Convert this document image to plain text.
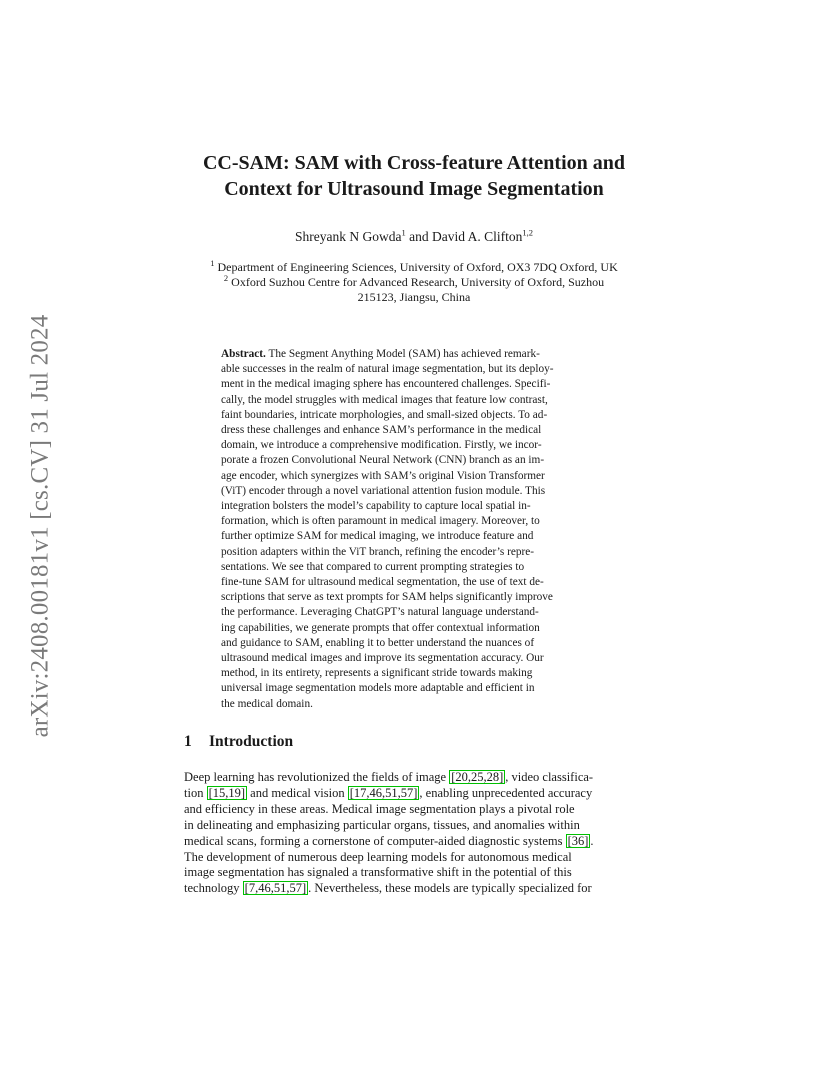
arXiv:2408.00181v1 [cs.CV] 31 Jul 2024
CC-SAM: SAM with Cross-feature Attention and
Context for Ultrasound Image Segmentation
Shreyank N Gowda$^1$ and David A. Clifton$^{1,2}$
$^1$ Department of Engineering Sciences, University of Oxford, OX3 7DQ Oxford, UK
$^2$ Oxford Suzhou Centre for Advanced Research, University of Oxford, Suzhou
215123, Jiangsu, China
Abstract. The Segment Anything Model (SAM) has achieved remark-
able successes in the realm of natural image segmentation, but its deploy-
ment in the medical imaging sphere has encountered challenges. Specifi-
cally, the model struggles with medical images that feature low contrast,
faint boundaries, intricate morphologies, and small-sized objects. To ad-
dress these challenges and enhance SAM’s performance in the medical
domain, we introduce a comprehensive modification. Firstly, we incor-
porate a frozen Convolutional Neural Network (CNN) branch as an im-
age encoder, which synergizes with SAM’s original Vision Transformer
(ViT) encoder through a novel variational attention fusion module. This
integration bolsters the model’s capability to capture local spatial in-
formation, which is often paramount in medical imagery. Moreover, to
further optimize SAM for medical imaging, we introduce feature and
position adapters within the ViT branch, refining the encoder’s repre-
sentations. We see that compared to current prompting strategies to
fine-tune SAM for ultrasound medical segmentation, the use of text de-
scriptions that serve as text prompts for SAM helps significantly improve
the performance. Leveraging ChatGPT’s natural language understand-
ing capabilities, we generate prompts that offer contextual information
and guidance to SAM, enabling it to better understand the nuances of
ultrasound medical images and improve its segmentation accuracy. Our
method, in its entirety, represents a significant stride towards making
universal image segmentation models more adaptable and efficient in
the medical domain.
1 Introduction
Deep learning has revolutionized the fields of image [20,25,28] , video classifica-
tion [15,19] and medical vision [17,46,51,57] , enabling unprecedented accuracy
and efficiency in these areas. Medical image segmentation plays a pivotal role
in delineating and emphasizing particular organs, tissues, and anomalies within
medical scans, forming a cornerstone of computer-aided diagnostic systems [36] .
The development of numerous deep learning models for autonomous medical
image segmentation has signaled a transformative shift in the potential of this
technology [7,46,51,57] . Nevertheless, these models are typically specialized for
